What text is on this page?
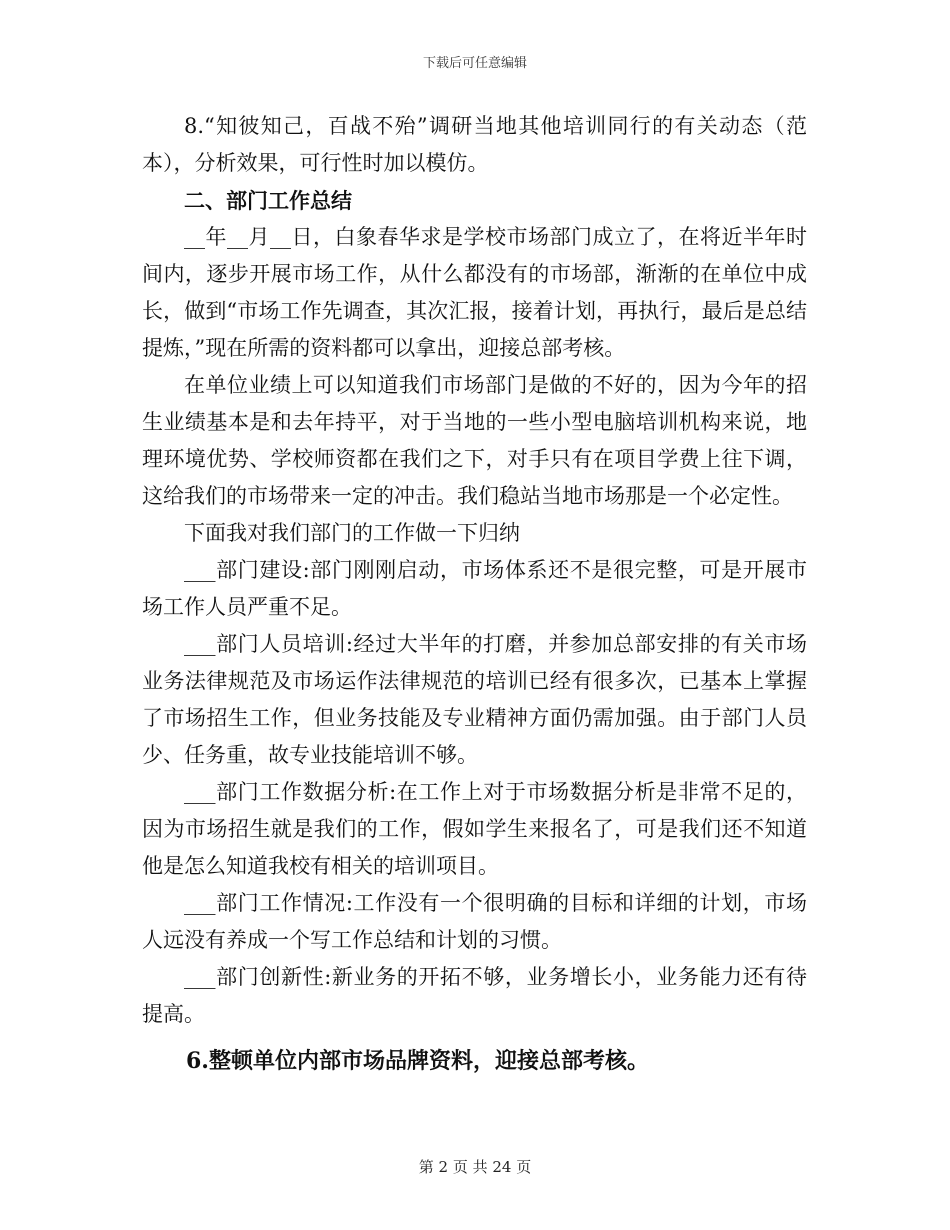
下载后可任意编辑

8.“知彼知己，百战不殆”调研当地其他培训同行的有关动态（范本），分析效果，可行性时加以模仿。

二、部门工作总结

__年__月__日，白象春华求是学校市场部门成立了，在将近半年时间内，逐步开展市场工作，从什么都没有的市场部，渐渐的在单位中成长，做到“市场工作先调查，其次汇报，接着计划，再执行，最后是总结提炼，”现在所需的资料都可以拿出，迎接总部考核。

在单位业绩上可以知道我们市场部门是做的不好的，因为今年的招生业绩基本是和去年持平，对于当地的一些小型电脑培训机构来说，地理环境优势、学校师资都在我们之下，对手只有在项目学费上往下调，这给我们的市场带来一定的冲击。我们稳站当地市场那是一个必定性。

下面我对我们部门的工作做一下归纳

___部门建设:部门刚刚启动，市场体系还不是很完整，可是开展市场工作人员严重不足。

___部门人员培训:经过大半年的打磨，并参加总部安排的有关市场业务法律规范及市场运作法律规范的培训已经有很多次，已基本上掌握了市场招生工作，但业务技能及专业精神方面仍需加强。由于部门人员少、任务重，故专业技能培训不够。

___部门工作数据分析:在工作上对于市场数据分析是非常不足的，因为市场招生就是我们的工作，假如学生来报名了，可是我们还不知道他是怎么知道我校有相关的培训项目。

___部门工作情况:工作没有一个很明确的目标和详细的计划，市场人远没有养成一个写工作总结和计划的习惯。

___部门创新性:新业务的开拓不够，业务增长小，业务能力还有待提高。

6.整顿单位内部市场品牌资料，迎接总部考核。
第 2 页 共 24 页
